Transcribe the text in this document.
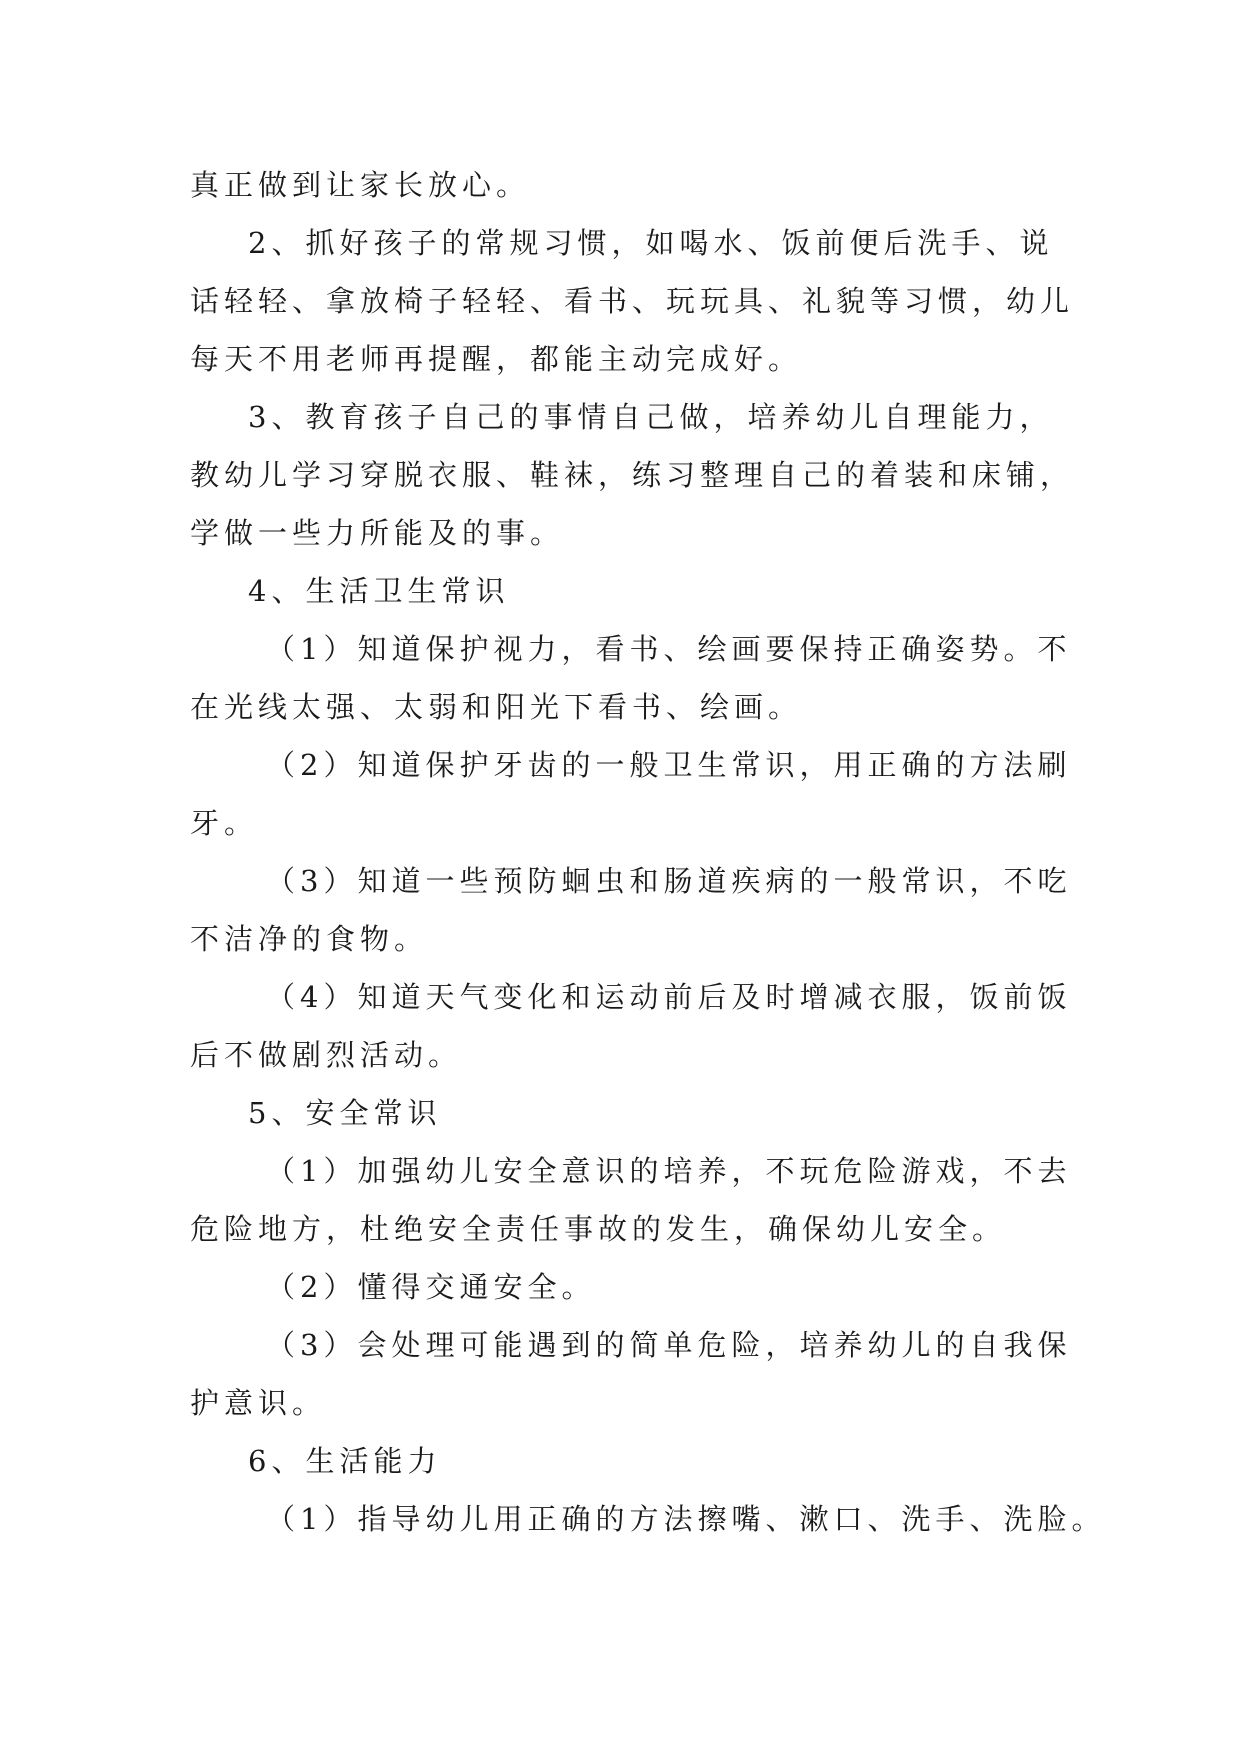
真正做到让家长放心。
2、抓好孩子的常规习惯，如喝水、饭前便后洗手、说
话轻轻、拿放椅子轻轻、看书、玩玩具、礼貌等习惯，幼儿
每天不用老师再提醒，都能主动完成好。
3、教育孩子自己的事情自己做，培养幼儿自理能力，
教幼儿学习穿脱衣服、鞋袜，练习整理自己的着装和床铺，
学做一些力所能及的事。
4、生活卫生常识
（1）知道保护视力，看书、绘画要保持正确姿势。不
在光线太强、太弱和阳光下看书、绘画。
（2）知道保护牙齿的一般卫生常识，用正确的方法刷
牙。
（3）知道一些预防蛔虫和肠道疾病的一般常识，不吃
不洁净的食物。
（4）知道天气变化和运动前后及时增减衣服，饭前饭
后不做剧烈活动。
5、安全常识
（1）加强幼儿安全意识的培养，不玩危险游戏，不去
危险地方，杜绝安全责任事故的发生，确保幼儿安全。
（2）懂得交通安全。
（3）会处理可能遇到的简单危险，培养幼儿的自我保
护意识。
6、生活能力
（1）指导幼儿用正确的方法擦嘴、漱口、洗手、洗脸。
